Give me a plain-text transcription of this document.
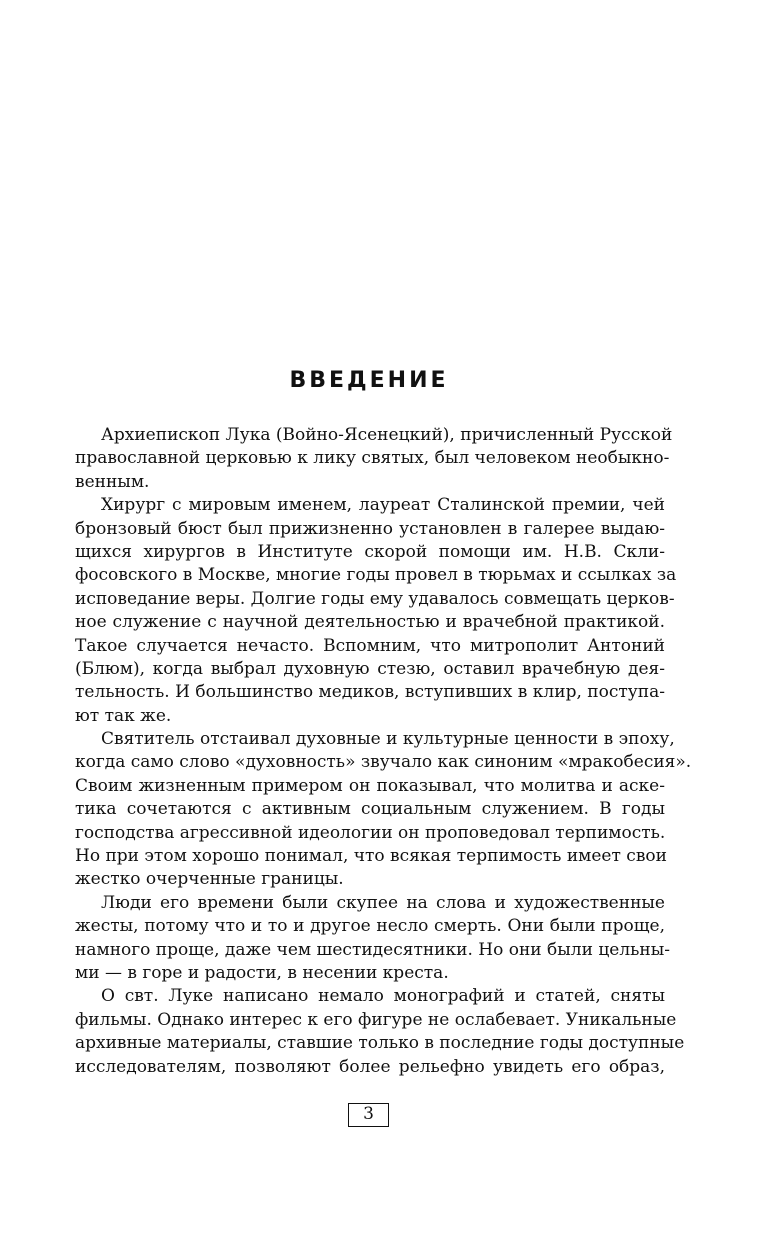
ВВЕДЕНИЕ
Архиепископ Лука (Войно-Ясенецкий), причисленный Русской
православной церковью к лику святых, был человеком необыкно-
венным.
Хирург с мировым именем, лауреат Сталинской премии, чей
бронзовый бюст был прижизненно установлен в галерее выдаю-
щихся хирургов в Институте скорой помощи им. Н.В. Скли-
фосовского в Москве, многие годы провел в тюрьмах и ссылках за
исповедание веры. Долгие годы ему удавалось совмещать церков-
ное служение с научной деятельностью и врачебной практикой.
Такое случается нечасто. Вспомним, что митрополит Антоний
(Блюм), когда выбрал духовную стезю, оставил врачебную дея-
тельность. И большинство медиков, вступивших в клир, поступа-
ют так же.
Святитель отстаивал духовные и культурные ценности в эпоху,
когда само слово «духовность» звучало как синоним «мракобесия».
Своим жизненным примером он показывал, что молитва и аске-
тика сочетаются с активным социальным служением. В годы
господства агрессивной идеологии он проповедовал терпимость.
Но при этом хорошо понимал, что всякая терпимость имеет свои
жестко очерченные границы.
Люди его времени были скупее на слова и художественные
жесты, потому что и то и другое несло смерть. Они были проще,
намного проще, даже чем шестидесятники. Но они были цельны-
ми — в горе и радости, в несении креста.
О свт. Луке написано немало монографий и статей, сняты
фильмы. Однако интерес к его фигуре не ослабевает. Уникальные
архивные материалы, ставшие только в последние годы доступные
исследователям, позволяют более рельефно увидеть его образ,
3
